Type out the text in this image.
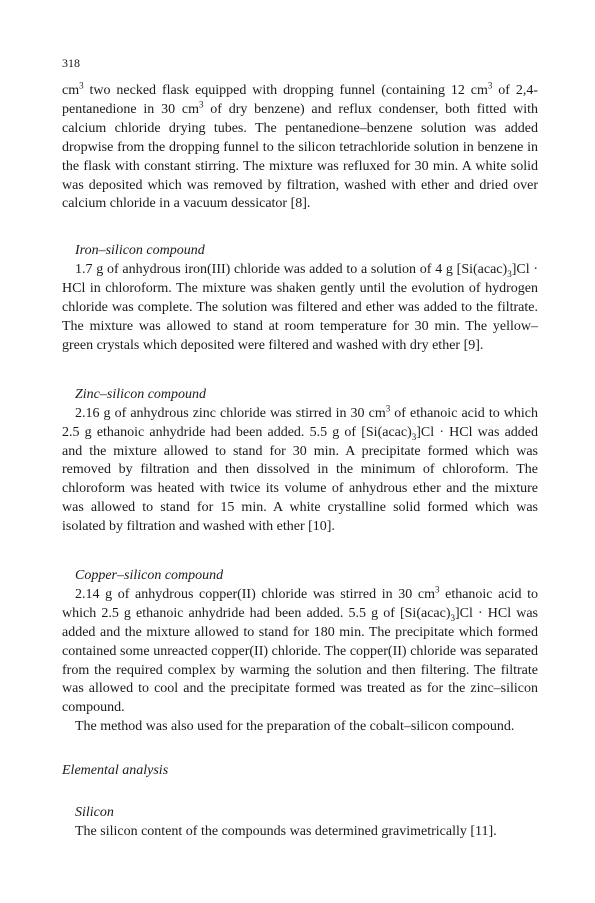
318

$cm^3$ two necked flask equipped with dropping funnel (containing 12 $cm^3$ of 2,4-pentanedione in 30 $cm^3$ of dry benzene) and reflux condenser, both fitted with calcium chloride drying tubes. The pentanedione–benzene solution was added dropwise from the dropping funnel to the silicon tetrachloride solution in benzene in the flask with constant stirring. The mixture was refluxed for 30 min. A white solid was deposited which was removed by filtration, washed with ether and dried over calcium chloride in a vacuum dessicator [8].

Iron–silicon compound

1.7 g of anhydrous iron(III) chloride was added to a solution of 4 g $[Si(acac)_3]Cl$ · HCl in chloroform. The mixture was shaken gently until the evolution of hydrogen chloride was complete. The solution was filtered and ether was added to the filtrate. The mixture was allowed to stand at room temperature for 30 min. The yellow–green crystals which deposited were filtered and washed with dry ether [9].

Zinc–silicon compound

2.16 g of anhydrous zinc chloride was stirred in 30 $cm^3$ of ethanoic acid to which 2.5 g ethanoic anhydride had been added. 5.5 g of $[Si(acac)_3]Cl$ · HCl was added and the mixture allowed to stand for 30 min. A precipitate formed which was removed by filtration and then dissolved in the minimum of chloroform. The chloroform was heated with twice its volume of anhydrous ether and the mixture was allowed to stand for 15 min. A white crystalline solid formed which was isolated by filtration and washed with ether [10].

Copper–silicon compound

2.14 g of anhydrous copper(II) chloride was stirred in 30 $cm^3$ ethanoic acid to which 2.5 g ethanoic anhydride had been added. 5.5 g of $[Si(acac)_3]Cl$ · HCl was added and the mixture allowed to stand for 180 min. The precipitate which formed contained some unreacted copper(II) chloride. The copper(II) chloride was separated from the required complex by warming the solution and then filtering. The filtrate was allowed to cool and the precipitate formed was treated as for the zinc–silicon compound.

The method was also used for the preparation of the cobalt–silicon compound.

Elemental analysis

Silicon

The silicon content of the compounds was determined gravimetrically [11].
